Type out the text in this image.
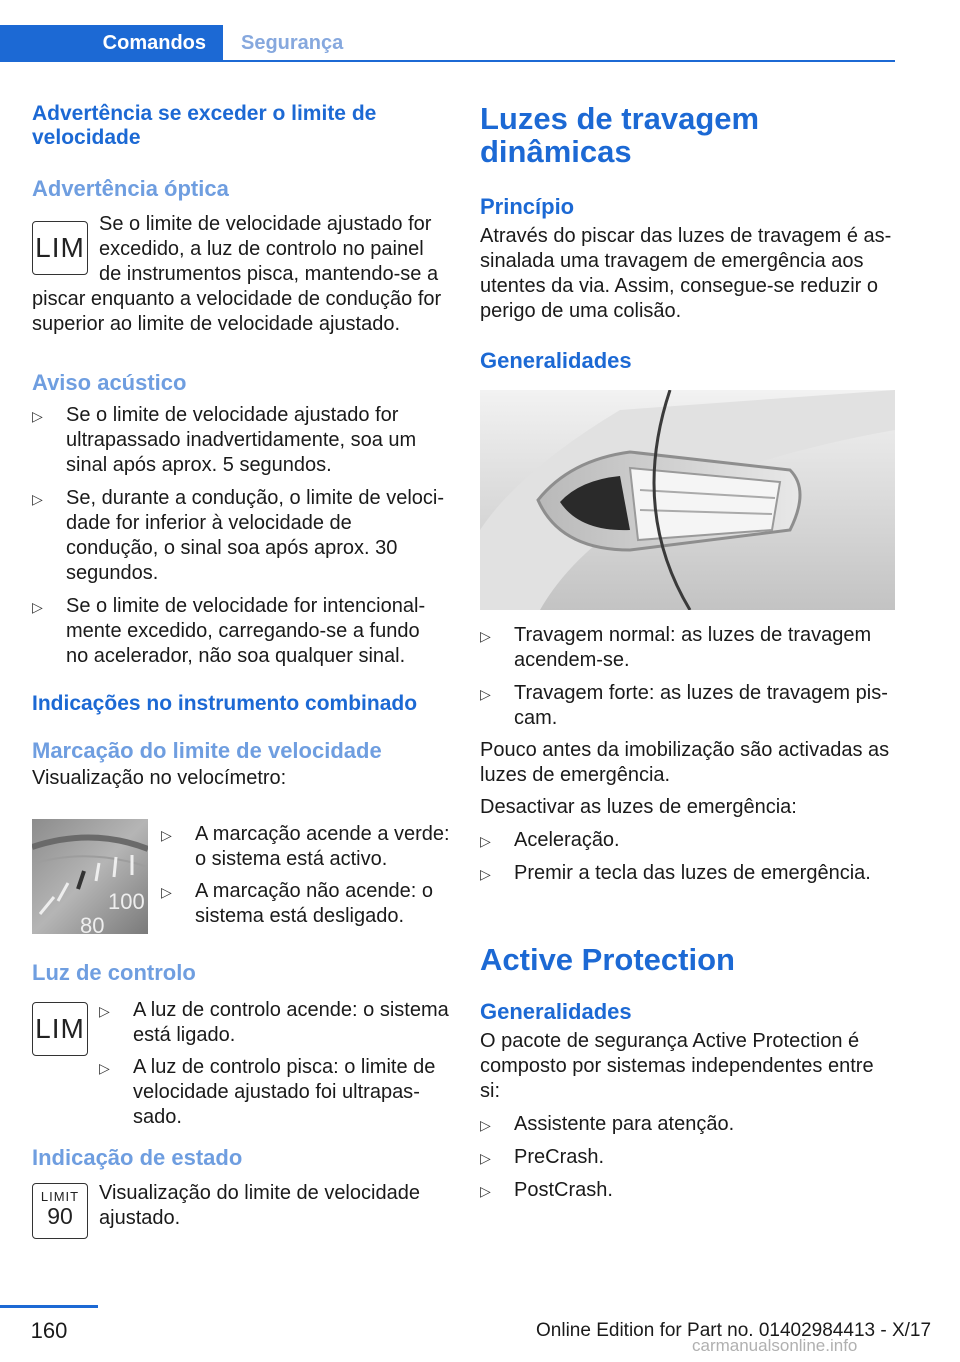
Comandos	Segurança
Advertência se exceder o limite de velocidade
Advertência óptica
LIM

Se o limite de velocidade ajustado for excedido, a luz de controlo no painel de instrumentos pisca, mantendo-se a piscar enquanto a velocidade de condução for superior ao limite de velocidade ajustado.

Aviso acústico
▷ Se o limite de velocidade ajustado for ultrapassado inadvertidamente, soa um sinal após aprox. 5 segundos.
▷ Se, durante a condução, o limite de velocidade for inferior à velocidade de condução, o sinal soa após aprox. 30 segundos.
▷ Se o limite de velocidade for intencionalmente excedido, carregando-se a fundo no acelerador, não soa qualquer sinal.
Indicações no instrumento combinado
Marcação do limite de velocidade
Visualização no velocímetro:
100
80
▷ A marcação acende a verde: o sistema está activo.
▷ A marcação não acende: o sistema está desligado.
Luz de controlo
LIM
▷ A luz de controlo acende: o sistema está ligado.
▷ A luz de controlo pisca: o limite de velocidade ajustado foi ultrapassado.
Indicação de estado
LIMIT
90

Visualização do limite de velocidade ajustado.

Luzes de travagem dinâmicas
Princípio

Através do piscar das luzes de travagem é assinalada uma travagem de emergência aos utentes da via. Assim, consegue-se reduzir o perigo de uma colisão.

Generalidades
▷ Travagem normal: as luzes de travagem acendem-se.
▷ Travagem forte: as luzes de travagem piscam.

Pouco antes da imobilização são activadas as luzes de emergência.

Desactivar as luzes de emergência:

▷ Aceleração.
▷ Premir a tecla das luzes de emergência.
Active Protection
Generalidades

O pacote de segurança Active Protection é composto por sistemas independentes entre si:

▷ Assistente para atenção.
▷ PreCrash.
▷ PostCrash.
160	Online Edition for Part no. 01402984413 - X/17
carmanualsonline.info
